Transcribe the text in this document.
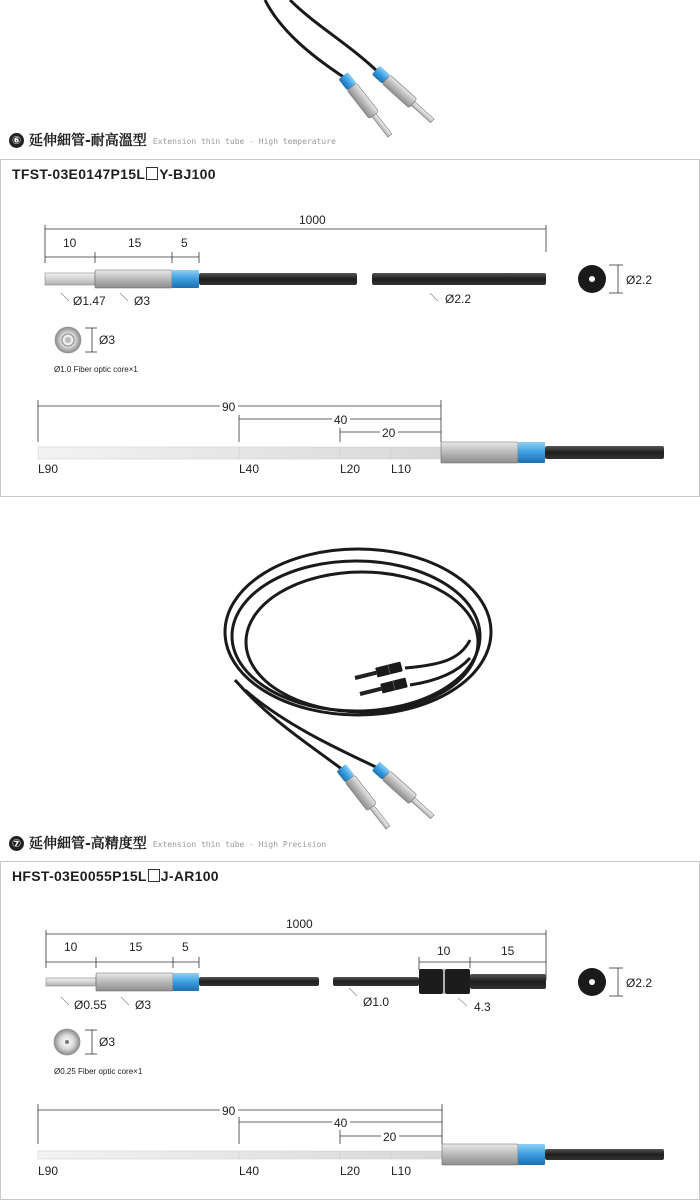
⑥ 延伸細管-耐高溫型 Extension thin tube - High temperature
TFST-03E0147P15L Y-BJ100
1000
10	15	5
Ø1.47 Ø3	Ø2.2
Ø2.2
Ø3
Ø1.0 Fiber optic core×1
90
40
20
L90	L40	L20	L10
⑦ 延伸細管-高精度型 Extension thin tube - High Precision
HFST-03E0055P15L J-AR100
1000
10	15	5	10	15
Ø0.55 Ø3	Ø1.0	4.3
Ø2.2
Ø3
Ø0.25 Fiber optic core×1
90
40
20
L90	L40	L20	L10
